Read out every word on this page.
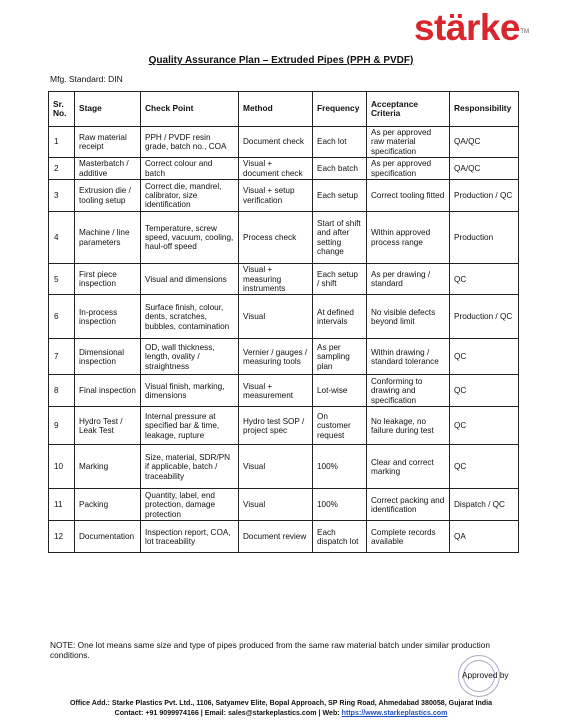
stärke TM
Quality Assurance Plan – Extruded Pipes (PPH & PVDF)
Mfg. Standard: DIN
Sr. No.	Stage	Check Point	Method	Frequency	Acceptance Criteria	Responsibility
1	Raw material receipt	PPH / PVDF resin grade, batch no., COA	Document check	Each lot	As per approved raw material specification	QA/QC
2	Masterbatch / additive	Correct colour and batch	Visual + document check	Each batch	As per approved specification	QA/QC
3	Extrusion die / tooling setup	Correct die, mandrel, calibrator, size identification	Visual + setup verification	Each setup	Correct tooling fitted	Production / QC
4	Machine / line parameters	Temperature, screw speed, vacuum, cooling, haul-off speed	Process check	Start of shift and after setting change	Within approved process range	Production
5	First piece inspection	Visual and dimensions	Visual + measuring instruments	Each setup / shift	As per drawing / standard	QC
6	In-process inspection	Surface finish, colour, dents, scratches, bubbles, contamination	Visual	At defined intervals	No visible defects beyond limit	Production / QC
7	Dimensional inspection	OD, wall thickness, length, ovality / straightness	Vernier / gauges / measuring tools	As per sampling plan	Within drawing / standard tolerance	QC
8	Final inspection	Visual finish, marking, dimensions	Visual + measurement	Lot-wise	Conforming to drawing and specification	QC
9	Hydro Test / Leak Test	Internal pressure at specified bar & time, leakage, rupture	Hydro test SOP / project spec	On customer request	No leakage, no failure during test	QC
10	Marking	Size, material, SDR/PN if applicable, batch / traceability	Visual	100%	Clear and correct marking	QC
11	Packing	Quantity, label, end protection, damage protection	Visual	100%	Correct packing and identification	Dispatch / QC
12	Documentation	Inspection report, COA, lot traceability	Document review	Each dispatch lot	Complete records available	QA
NOTE: One lot means same size and type of pipes produced from the same raw material batch under similar production conditions.
Approved by
Office Add.: Starke Plastics Pvt. Ltd., 1106, Satyamev Elite, Bopal Approach, SP Ring Road, Ahmedabad 380058, Gujarat India
Contact: +91 9099974166 | Email: sales@starkeplastics.com | Web: https://www.starkeplastics.com
